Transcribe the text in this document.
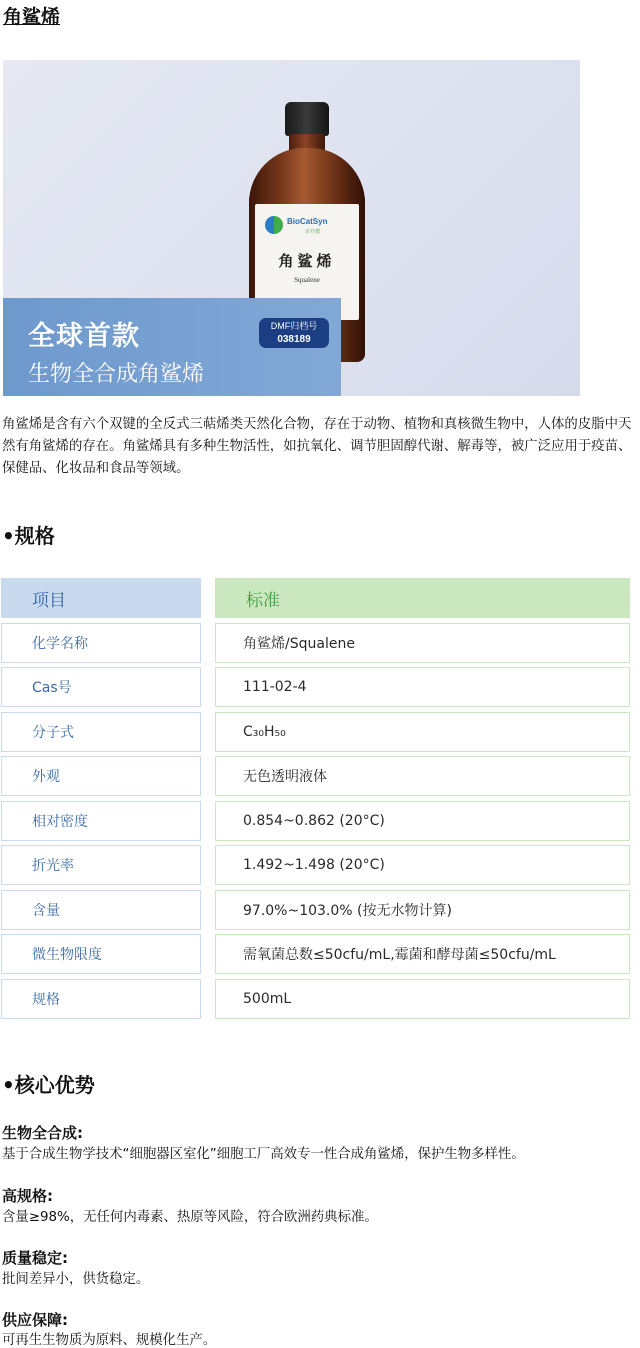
角鲨烯
BioCatSyn
百升德
角鲨烯
Squalene
全球首款
生物全合成角鲨烯
DMF归档号
038189

角鲨烯是含有六个双键的全反式三萜烯类天然化合物，存在于动物、植物和真核微生物中，人体的皮脂中天然有角鲨烯的存在。角鲨烯具有多种生物活性，如抗氧化、调节胆固醇代谢、解毒等，被广泛应用于疫苗、保健品、化妆品和食品等领域。

•规格
项目	标准
化学名称	角鲨烯/Squalene
Cas号	111-02-4
分子式	C₃₀H₅₀
外观	无色透明液体
相对密度	0.854~0.862 (20°C)
折光率	1.492~1.498 (20°C)
含量	97.0%~103.0% (按无水物计算)
微生物限度	需氧菌总数≤50cfu/mL,霉菌和酵母菌≤50cfu/mL
规格	500mL
•核心优势

生物全合成:

基于合成生物学技术“细胞器区室化”细胞工厂高效专一性合成角鲨烯，保护生物多样性。

高规格:

含量≥98%，无任何内毒素、热原等风险，符合欧洲药典标准。

质量稳定:

批间差异小，供货稳定。

供应保障:

可再生生物质为原料、规模化生产。
